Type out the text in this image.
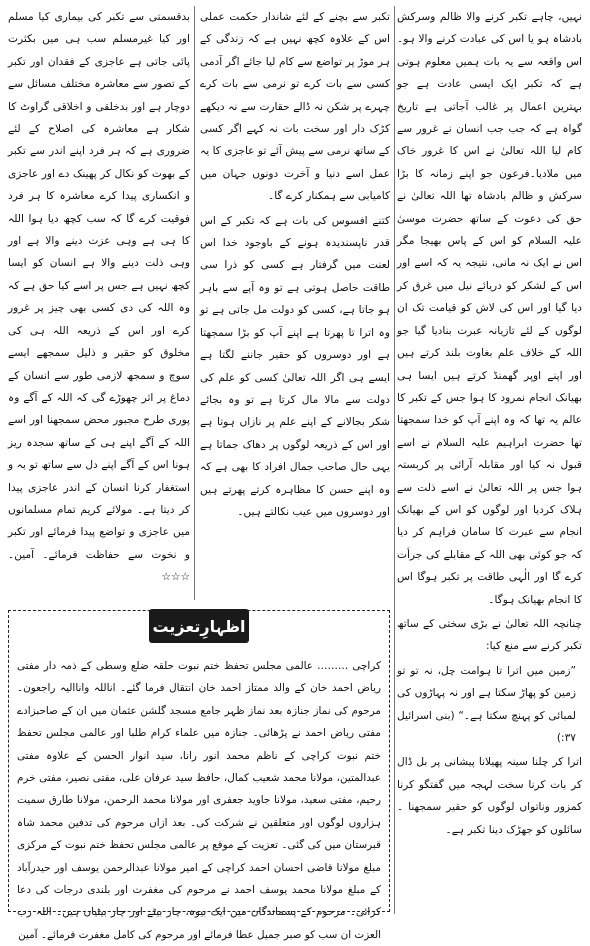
نہیں، چاہے تکبر کرنے والا ظالم وسرکش بادشاہ ہو یا اس کی عبادت کرنے والا ہو۔اس واقعہ سے یہ بات ہمیں معلوم ہوتی ہے کہ تکبر ایک ایسی عادت ہے جو بہترین اعمال پر غالب آجاتی ہے تاریخ گواہ ہے کہ جب جب انسان نے غرور سے کام لیا اللہ تعالیٰ نے اس کا غرور خاک میں ملادیا۔فرعون جو اپنے زمانہ کا بڑا سرکش و ظالم بادشاہ تھا اللہ تعالیٰ نے حق کی دعوت کے ساتھ حضرت موسیٰ علیہ السلام کو اس کے پاس بھیجا مگر اس نے ایک نہ مانی، نتیجہ یہ کہ اسے اور اس کے لشکر کو دریائے نیل میں غرق کر دیا گیا اور اس کی لاش کو قیامت تک ان لوگوں کے لئے تازیانہ عبرت بنادیا گیا جو اللہ کے خلاف علم بغاوت بلند کرتے ہیں اور اپنے اوپر گھمنڈ کرتے ہیں ایسا ہی بھیانک انجام نمرود کا ہوا جس کے تکبر کا عالم یہ تھا کہ وہ اپنے آپ کو خدا سمجھتا تھا حضرت ابراہیم علیہ السلام نے اسے قبول نہ کیا اور مقابلہ آرائی پر کربستہ ہوا جس پر اللہ تعالیٰ نے اسے ذلت سے ہلاک کردیا اور لوگوں کو اس کے بھیانک انجام سے عبرت کا سامان فراہم کر دیا کہ جو کوئی بھی اللہ کے مقابلے کی جرأت کرے گا اور الٰہی طاقت پر تکبر ہوگا اس کا انجام بھیانک ہوگا۔

چنانچہ اللہ تعالیٰ نے بڑی سختی کے ساتھ تکبر کرنے سے منع کیا:

”زمین میں اترا تا ہوامت چل، نہ تو تو زمین کو پھاڑ سکتا ہے اور نہ پہاڑوں کی لمبائی کو پہنچ سکتا ہے۔“ (بنی اسرائیل ۳۷:)

اترا کر چلنا سینہ پھیلانا پیشانی پر بل ڈال کر بات کرنا سخت لہجہ میں گفتگو کرنا کمزور وناتواں لوگوں کو حقیر سمجھنا ۔ سائلوں کو جھڑک دینا تکبر ہے۔

تکبر سے بچنے کے لئے شاندار حکمت عملی اس کے علاوہ کچھ نہیں ہے کہ زندگی کے ہر موڑ پر تواضع سے کام لیا جائے اگر آدمی کسی سے بات کرے تو نرمی سے بات کرے چہرے پر شکن نہ ڈالے حقارت سے نہ دیکھے کڑک دار اور سخت بات نہ کہے اگر کسی کے ساتھ نرمی سے پیش آئے تو عاجزی کا یہ عمل اسے دنیا و آخرت دونوں جہان میں کامیابی سے ہمکنار کرے گا۔

کتنے افسوس کی بات ہے کہ تکبر کے اس قدر ناپسندیدہ ہونے کے باوجود خدا اس لعنت میں گرفتار ہے کسی کو ذرا سی طاقت حاصل ہوتی ہے تو وہ آپے سے باہر ہو جاتا ہے، کسی کو دولت مل جاتی ہے تو وہ اترا تا پھرتا ہے اپنے آپ کو بڑا سمجھتا ہے اور دوسروں کو حقیر جاننے لگتا ہے ایسے ہی اگر اللہ تعالیٰ کسی کو علم کی دولت سے مالا مال کرتا ہے تو وہ بجائے شکر بجالانے کے اپنے علم پر نازاں ہوتا ہے اور اس کے ذریعہ لوگوں پر دھاک جماتا ہے یہی حال صاحب جمال افراد کا بھی ہے کہ وہ اپنے حسن کا مظاہرہ کرتے پھرتے ہیں اور دوسروں میں عیب نکالتے ہیں۔

بدقسمتی سے تکبر کی بیماری کیا مسلم اور کیا غیرمسلم سب ہی میں بکثرت پائی جاتی ہے عاجزی کے فقدان اور تکبر کے تصور سے معاشرہ مختلف مسائل سے دوچار ہے اور بدخلقی و اخلاقی گراوٹ کا شکار ہے معاشرہ کی اصلاح کے لئے ضروری ہے کہ ہر فرد اپنے اندر سے تکبر کے بھوت کو نکال کر پھینک دے اور عاجزی و انکساری پیدا کرے معاشرہ کا ہر فرد فوقیت کرے گا کہ سب کچھ دیا ہوا اللہ کا ہی ہے وہی عزت دینے والا ہے اور وہی ذلت دینے والا ہے انسان کو ایسا کچھ نہیں ہے جس پر اسے کیا حق ہے کہ وہ اللہ کی دی کسی بھی چیز پر غرور کرے اور اس کے ذریعہ اللہ ہی کی مخلوق کو حقیر و ذلیل سمجھے ایسے سوچ و سمجھ لازمی طور سے انسان کے دماغ پر اثر چھوڑے گی کہ اللہ کے آگے وہ پوری طرح مجبور محض سمجھنا اور اسے اللہ کے آگے اپنے ہی کے ساتھ سجدہ ریز ہونا اس کے آگے اپنے دل سے ساتھ تو بہ و استغفار کرنا انسان کے اندر عاجزی پیدا کر دیتا ہے۔ مولائے کریم تمام مسلمانوں میں عاجزی و تواضع پیدا فرمائے اور تکبر و نخوت سے حفاظت فرمائے۔ آمین۔ ☆☆☆

اظہارِتعزیت
کراچی ……… عالمی مجلس تحفظ ختم نبوت حلقہ ضلع وسطی کے ذمہ دار مفتی ریاض احمد خان کے والد ممتاز احمد خان انتقال فرما گئے۔ اناللہ واناالیہ راجعون۔ مرحوم کی نماز جنازہ بعد نماز ظہر جامع مسجد گلشن عثمان میں ان کے صاحبزادے مفتی ریاض احمد نے پڑھائی۔ جنازہ میں علماء کرام طلبا اور عالمی مجلس تحفظ ختم نبوت کراچی کے ناظم محمد انور رانا، سید انوار الحسن کے علاوہ مفتی عبدالمتین، مولانا محمد شعیب کمال، حافظ سید عرفان علی، مفتی نصیر، مفتی خرم رحیم، مفتی سعید، مولانا جاوید جعفری اور مولانا محمد الرحمن، مولانا طارق سمیت ہزاروں لوگوں اور متعلقین نے شرکت کی۔ بعد ازاں مرحوم کی تدفین محمد شاہ قبرستان میں کی گئی۔ تعزیت کے موقع پر عالمی مجلس تحفظ ختم نبوت کے مرکزی مبلغ مولانا قاضی احسان احمد کراچی کے امیر مولانا عبدالرحمن یوسف اور حیدرآباد کے مبلغ مولانا محمد یوسف احمد نے مرحوم کی مغفرت اور بلندی درجات کی دعا کرائی۔ مرحوم کے پسماندگان میں ایک بیوہ، چار بیٹے اور چار بیٹیاں ہیں۔ اللہ رب العزت ان سب کو صبر جمیل عطا فرمائے اور مرحوم کی کامل مغفرت فرمائے۔ آمین
